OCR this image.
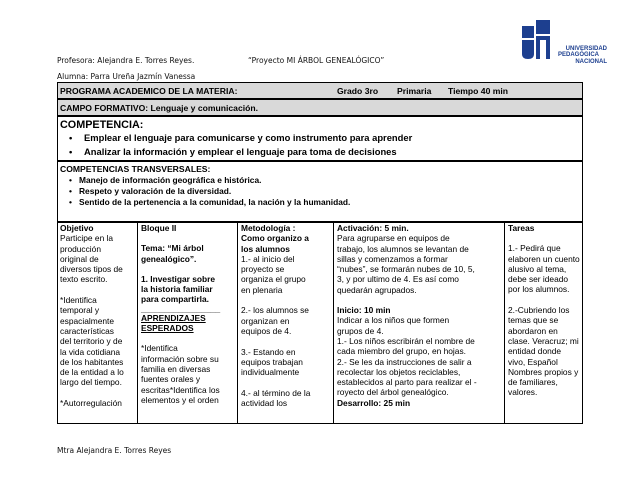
Profesora: Alejandra E. Torres Reyes.	“Proyecto MI ÁRBOL GENEALÓGICO”
Alumna: Parra Ureña Jazmín Vanessa
UNIVERSIDAD
PEDAGÓGICA
NACIONAL
PROGRAMA ACADEMICO DE LA MATERIA:	Grado 3ro Primaria Tiempo 40 min
CAMPO FORMATIVO: Lenguaje y comunicación.
COMPETENCIA:
• Emplear el lenguaje para comunicarse y como instrumento para aprender
• Analizar la información y emplear el lenguaje para toma de decisiones
COMPETENCIAS TRANSVERSALES:
• Manejo de información geográfica e histórica.
• Respeto y valoración de la diversidad.
• Sentido de la pertenencia a la comunidad, la nación y la humanidad.

Objetivo

Participe en la
producción
original de
diversos tipos de
texto escrito.

*Identifica
temporal y
espacialmente
características
del territorio y de
la vida cotidiana
de los habitantes
de la entidad a lo
largo del tiempo.

*Autorregulación

Bloque II

Tema: “Mi árbol
genealógico”.

1. Investigar sobre
la historia familiar
para compartirla.

_________________

APRENDIZAJES
ESPERADOS

*Identifica
información sobre su
familia en diversas
fuentes orales y
escritas*Identifica los
elementos y el orden

Metodología :
Como organizo a
los alumnos

1.- al inicio del
proyecto se
organiza el grupo
en plenaria

2.- los alumnos se
organizan en
equipos de 4.

3.- Estando en
equipos trabajan
individualmente

4.- al término de la
actividad los

Activación: 5 min.

Para agruparse en equipos de
trabajo, los alumnos se levantan de
sillas y comenzamos a formar
“nubes”, se formarán nubes de 10, 5,
3, y por ultimo de 4. Es así como
quedarán agrupados.

Inicio: 10 min

Indicar a los niños que formen
grupos de 4.
1.- Los niños escribirán el nombre de
cada miembro del grupo, en hojas.
2.- Se les da instrucciones de salir a
recolectar los objetos reciclables,
establecidos al parto para realizar el -
royecto del árbol genealógico.

Desarrollo: 25 min

Tareas

1.- Pedirá que
elaboren un cuento
alusivo al tema,
debe ser ideado
por los alumnos.

2.-Cubriendo los
temas que se
abordaron en
clase. Veracruz; mi
entidad donde
vivo, Español
Nombres propios y
de familiares,
valores.

Mtra Alejandra E. Torres Reyes
